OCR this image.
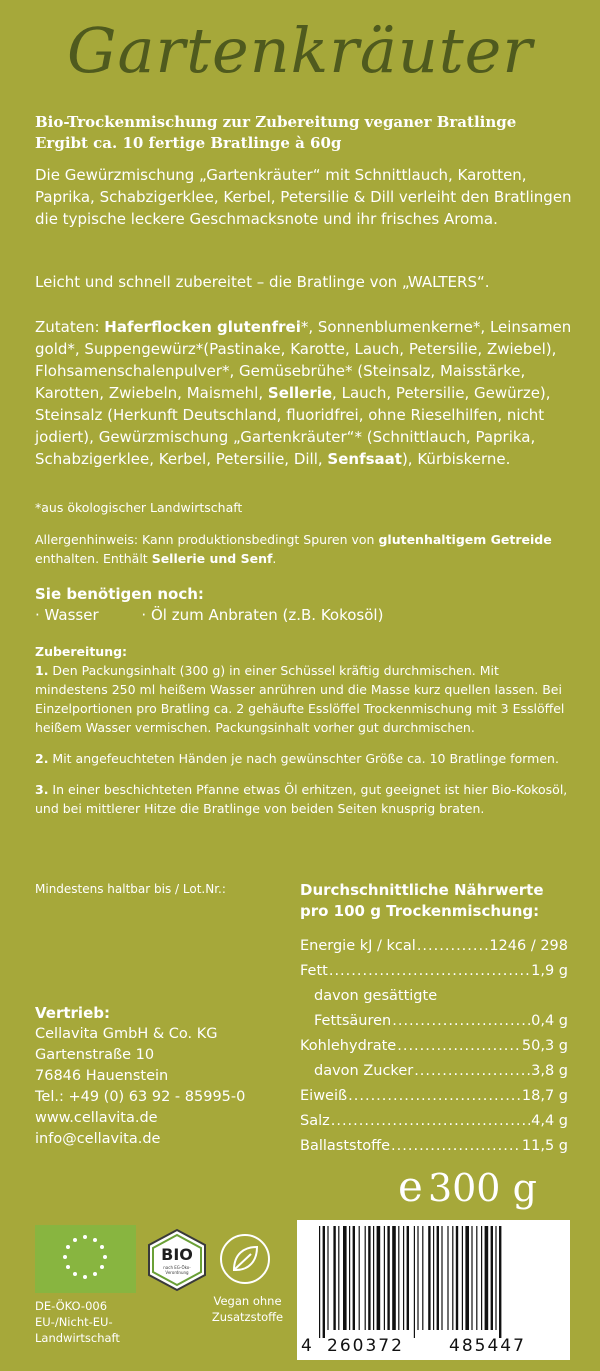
Gartenkräuter
Bio-Trockenmischung zur Zubereitung veganer Bratlinge
Ergibt ca. 10 fertige Bratlinge à 60g
Die Gewürzmischung „Gartenkräuter“ mit Schnittlauch, Karotten, Paprika, Schabzigerklee, Kerbel, Petersilie & Dill verleiht den Bratlingen die typische leckere Geschmacksnote und ihr frisches Aroma.
Leicht und schnell zubereitet – die Bratlinge von „WALTERS“.
Zutaten: Haferflocken glutenfrei*, Sonnenblumenkerne*, Leinsamen gold*, Suppengewürz*(Pastinake, Karotte, Lauch, Petersilie, Zwiebel), Flohsamenschalenpulver*, Gemüsebrühe* (Steinsalz, Maisstärke, Karotten, Zwiebeln, Maismehl, Sellerie, Lauch, Petersilie, Gewürze), Steinsalz (Herkunft Deutschland, fluoridfrei, ohne Rieselhilfen, nicht jodiert), Gewürzmischung „Gartenkräuter“* (Schnittlauch, Paprika, Schabzigerklee, Kerbel, Petersilie, Dill, Senfsaat), Kürbiskerne.
*aus ökologischer Landwirtschaft
Allergenhinweis: Kann produktionsbedingt Spuren von glutenhaltigem Getreide enthalten. Enthält Sellerie und Senf.
Sie benötigen noch:
· Wasser	· Öl zum Anbraten (z.B. Kokosöl)
Zubereitung:
1. Den Packungsinhalt (300 g) in einer Schüssel kräftig durchmischen. Mit mindestens 250 ml heißem Wasser anrühren und die Masse kurz quellen lassen. Bei Einzelportionen pro Bratling ca. 2 gehäufte Esslöffel Trockenmischung mit 3 Esslöffel heißem Wasser vermischen. Packungsinhalt vorher gut durchmischen.
2. Mit angefeuchteten Händen je nach gewünschter Größe ca. 10 Bratlinge formen.
3. In einer beschichteten Pfanne etwas Öl erhitzen, gut geeignet ist hier Bio-Kokosöl, und bei mittlerer Hitze die Bratlinge von beiden Seiten knusprig braten.
Mindestens haltbar bis / Lot.Nr.:	Durchschnittliche Nährwerte
pro 100 g Trockenmischung:
Energie kJ / kcal .....	1246 / 298
Fett .....	1,9 g
davon gesättigte
Fettsäuren .....	0,4 g
Kohlehydrate .....	50,3 g
davon Zucker .....	3,8 g
Eiweiß .....	18,7 g
Salz .....	4,4 g
Ballaststoffe .....	11,5 g
Vertrieb:
Cellavita GmbH & Co. KG
Gartenstraße 10
76846 Hauenstein
Tel.: +49 (0) 63 92 - 85995-0
www.cellavita.de
info@cellavita.de
e 300 g
DE-ÖKO-006
EU-/Nicht-EU-
Landwirtschaft
BIO
nach EG-Öko-Verordnung
Vegan ohne
Zusatzstoffe
4 260372	485447
